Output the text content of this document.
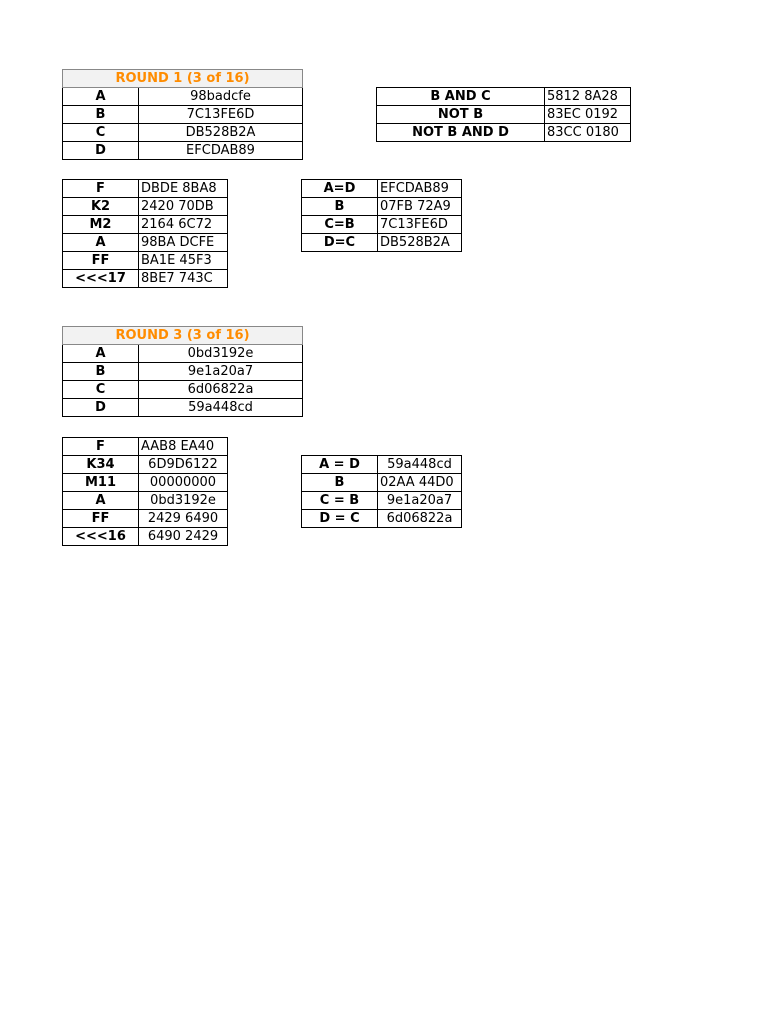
ROUND 1 (3 of 16)	
A	98badcfe
B	7C13FE6D
C	DB528B2A
D	EFCDAB89
B AND C	5812 8A28
NOT B	83EC 0192
NOT B AND D	83CC 0180
F	DBDE 8BA8
K2	2420 70DB
M2	2164 6C72
A	98BA DCFE
FF	BA1E 45F3
<<<17	8BE7 743C
A=D	EFCDAB89
B	07FB 72A9
C=B	7C13FE6D
D=C	DB528B2A
ROUND 3 (3 of 16)	
A	0bd3192e
B	9e1a20a7
C	6d06822a
D	59a448cd
F	AAB8 EA40
K34	6D9D6122
M11	00000000
A	0bd3192e
FF	2429 6490
<<<16	6490 2429
A = D	59a448cd
B	02AA 44D0
C = B	9e1a20a7
D = C	6d06822a
